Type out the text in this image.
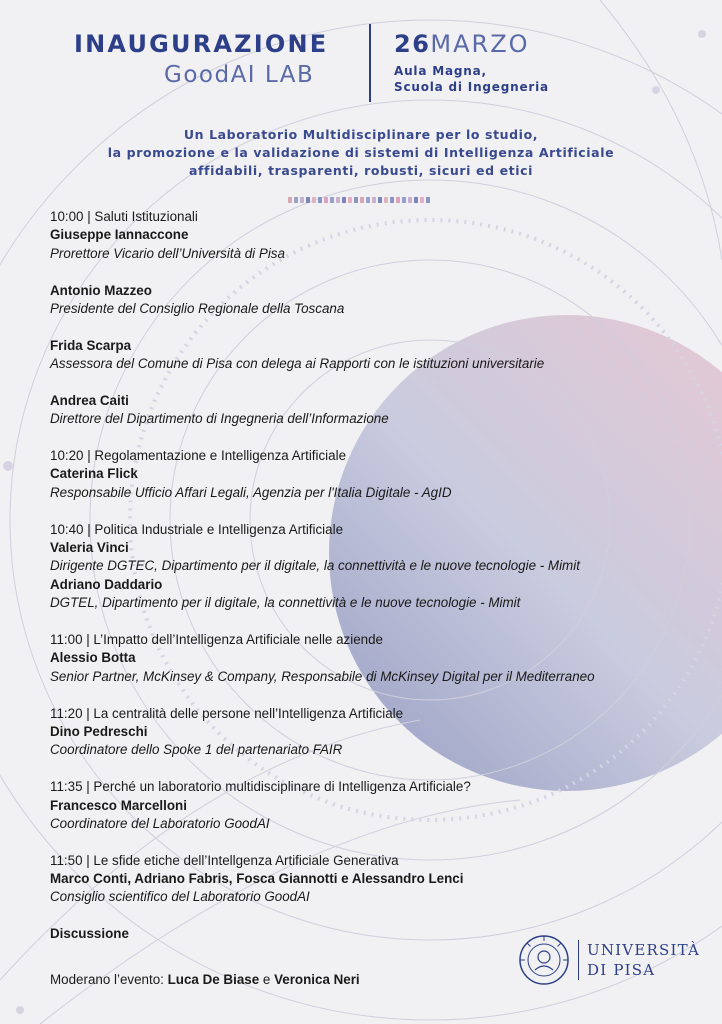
INAUGURAZIONE
GoodAI LAB
26MARZO
Aula Magna,
Scuola di Ingegneria
Un Laboratorio Multidisciplinare per lo studio,
la promozione e la validazione di sistemi di Intelligenza Artificiale
affidabili, trasparenti, robusti, sicuri ed etici
10:00 | Saluti Istituzionali
Giuseppe Iannaccone
Prorettore Vicario dell’Università di Pisa
Antonio Mazzeo
Presidente del Consiglio Regionale della Toscana
Frida Scarpa
Assessora del Comune di Pisa con delega ai Rapporti con le istituzioni universitarie
Andrea Caiti
Direttore del Dipartimento di Ingegneria dell’Informazione
10:20 | Regolamentazione e Intelligenza Artificiale
Caterina Flick
Responsabile Ufficio Affari Legali, Agenzia per l'Italia Digitale - AgID
10:40 | Politica Industriale e Intelligenza Artificiale
Valeria Vinci
Dirigente DGTEC, Dipartimento per il digitale, la connettività e le nuove tecnologie - Mimit
Adriano Daddario
DGTEL, Dipartimento per il digitale, la connettività e le nuove tecnologie - Mimit
11:00 | L’Impatto dell’Intelligenza Artificiale nelle aziende
Alessio Botta
Senior Partner, McKinsey & Company, Responsabile di McKinsey Digital per il Mediterraneo
11:20 | La centralità delle persone nell’Intelligenza Artificiale
Dino Pedreschi
Coordinatore dello Spoke 1 del partenariato FAIR
11:35 | Perché un laboratorio multidisciplinare di Intelligenza Artificiale?
Francesco Marcelloni
Coordinatore del Laboratorio GoodAI
11:50 | Le sfide etiche dell’Intellgenza Artificiale Generativa
Marco Conti, Adriano Fabris, Fosca Giannotti e Alessandro Lenci
Consiglio scientifico del Laboratorio GoodAI
Discussione
Moderano l’evento: Luca De Biase e Veronica Neri
UNIVERSITÀ
DI PISA
